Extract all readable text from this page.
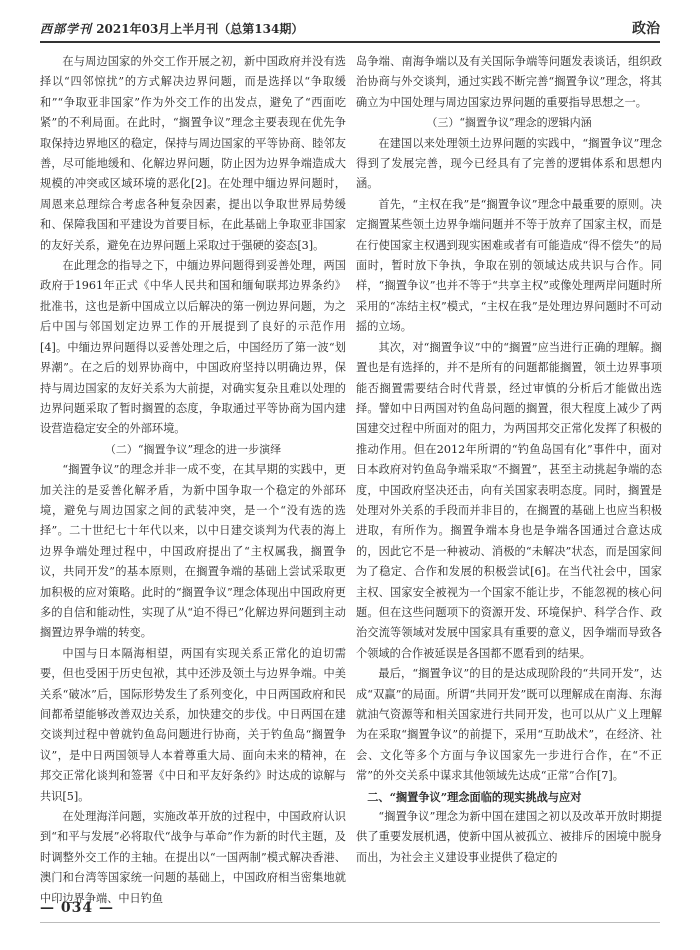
西部学刊 2021年03月上半月刊（总第134期）	政治

在与周边国家的外交工作开展之初，新中国政府并没有选择以“四邻惊扰”的方式解决边界问题，而是选择以“争取缓和”“争取亚非国家”作为外交工作的出发点，避免了“西面吃紧”的不利局面。在此时，“搁置争议”理念主要表现在优先争取保持边界地区的稳定，保持与周边国家的平等协商、睦邻友善，尽可能地缓和、化解边界问题，防止因为边界争端造成大规模的冲突或区域环境的恶化[2]。在处理中缅边界问题时，周恩来总理综合考虑各种复杂因素，提出以争取世界局势缓和、保障我国和平建设为首要目标，在此基础上争取亚非国家的友好关系，避免在边界问题上采取过于强硬的姿态[3]。

在此理念的指导之下，中缅边界问题得到妥善处理，两国政府于1961年正式《中华人民共和国和缅甸联邦边界条约》批准书，这也是新中国成立以后解决的第一例边界问题，为之后中国与邻国划定边界工作的开展提到了良好的示范作用[4]。中缅边界问题得以妥善处理之后，中国经历了第一波“划界潮”。在之后的划界协商中，中国政府坚持以明确边界，保持与周边国家的友好关系为大前提，对确实复杂且难以处理的边界问题采取了暂时搁置的态度，争取通过平等协商为国内建设营造稳定安全的外部环境。

（二）“搁置争议”理念的进一步演绎

“搁置争议”的理念并非一成不变，在其早期的实践中，更加关注的是妥善化解矛盾，为新中国争取一个稳定的外部环境，避免与周边国家之间的武装冲突，是一个“没有选的选择”。二十世纪七十年代以来，以中日建交谈判为代表的海上边界争端处理过程中，中国政府提出了“主权属我，搁置争议，共同开发”的基本原则，在搁置争端的基础上尝试采取更加积极的应对策略。此时的“搁置争议”理念体现出中国政府更多的自信和能动性，实现了从“迫不得已”化解边界问题到主动搁置边界争端的转变。

中国与日本隔海相望，两国有实现关系正常化的迫切需要，但也受困于历史包袱，其中还涉及领土与边界争端。中美关系“破冰”后，国际形势发生了系列变化，中日两国政府和民间都希望能够改善双边关系，加快建交的步伐。中日两国在建交谈判过程中曾就钓鱼岛问题进行协商，关于钓鱼岛“搁置争议”，是中日两国领导人本着尊重大局、面向未来的精神，在邦交正常化谈判和签署《中日和平友好条约》时达成的谅解与共识[5]。

在处理海洋问题，实施改革开放的过程中，中国政府认识到“和平与发展”必将取代“战争与革命”作为新的时代主题，及时调整外交工作的主轴。在提出以“一国两制”模式解决香港、澳门和台湾等国家统一问题的基础上，中国政府相当密集地就中印边界争端、中日钓鱼

岛争端、南海争端以及有关国际争端等问题发表谈话，组织政治协商与外交谈判，通过实践不断完善“搁置争议”理念，将其确立为中国处理与周边国家边界问题的重要指导思想之一。

（三）“搁置争议”理念的逻辑内涵

在建国以来处理领土边界问题的实践中，“搁置争议”理念得到了发展完善，现今已经具有了完善的逻辑体系和思想内涵。

首先，“主权在我”是“搁置争议”理念中最重要的原则。决定搁置某些领土边界争端问题并不等于放弃了国家主权，而是在行使国家主权遇到现实困难或者有可能造成“得不偿失”的局面时，暂时放下争执，争取在别的领域达成共识与合作。同样，“搁置争议”也并不等于“共享主权”或像处理两岸问题时所采用的“冻结主权”模式，“主权在我”是处理边界问题时不可动摇的立场。

其次，对“搁置争议”中的“搁置”应当进行正确的理解。搁置也是有选择的，并不是所有的问题都能搁置，领土边界事项能否搁置需要结合时代背景，经过审慎的分析后才能做出选择。譬如中日两国对钓鱼岛问题的搁置，很大程度上减少了两国建交过程中所面对的阻力，为两国邦交正常化发挥了积极的推动作用。但在2012年所谓的“钓鱼岛国有化”事件中，面对日本政府对钓鱼岛争端采取“不搁置”，甚至主动挑起争端的态度，中国政府坚决还击，向有关国家表明态度。同时，搁置是处理对外关系的手段而并非目的，在搁置的基础上也应当积极进取，有所作为。搁置争端本身也是争端各国通过合意达成的，因此它不是一种被动、消极的“未解决”状态，而是国家间为了稳定、合作和发展的积极尝试[6]。在当代社会中，国家主权、国家安全被视为一个国家不能让步，不能忽视的核心问题。但在这些问题项下的资源开发、环境保护、科学合作、政治交流等领域对发展中国家具有重要的意义，因争端而导致各个领域的合作被延误是各国都不愿看到的结果。

最后，“搁置争议”的目的是达成现阶段的“共同开发”，达成“双赢”的局面。所谓“共同开发”既可以理解成在南海、东海就油气资源等和相关国家进行共同开发，也可以从广义上理解为在采取“搁置争议”的前提下，采用“互助战术”，在经济、社会、文化等多个方面与争议国家先一步进行合作，在“不正常”的外交关系中谋求其他领域先达成“正常”合作[7]。

二、“搁置争议”理念面临的现实挑战与应对

“搁置争议”理念为新中国在建国之初以及改革开放时期提供了重要发展机遇，使新中国从被孤立、被排斥的困境中脱身而出，为社会主义建设事业提供了稳定的

— 034 —
